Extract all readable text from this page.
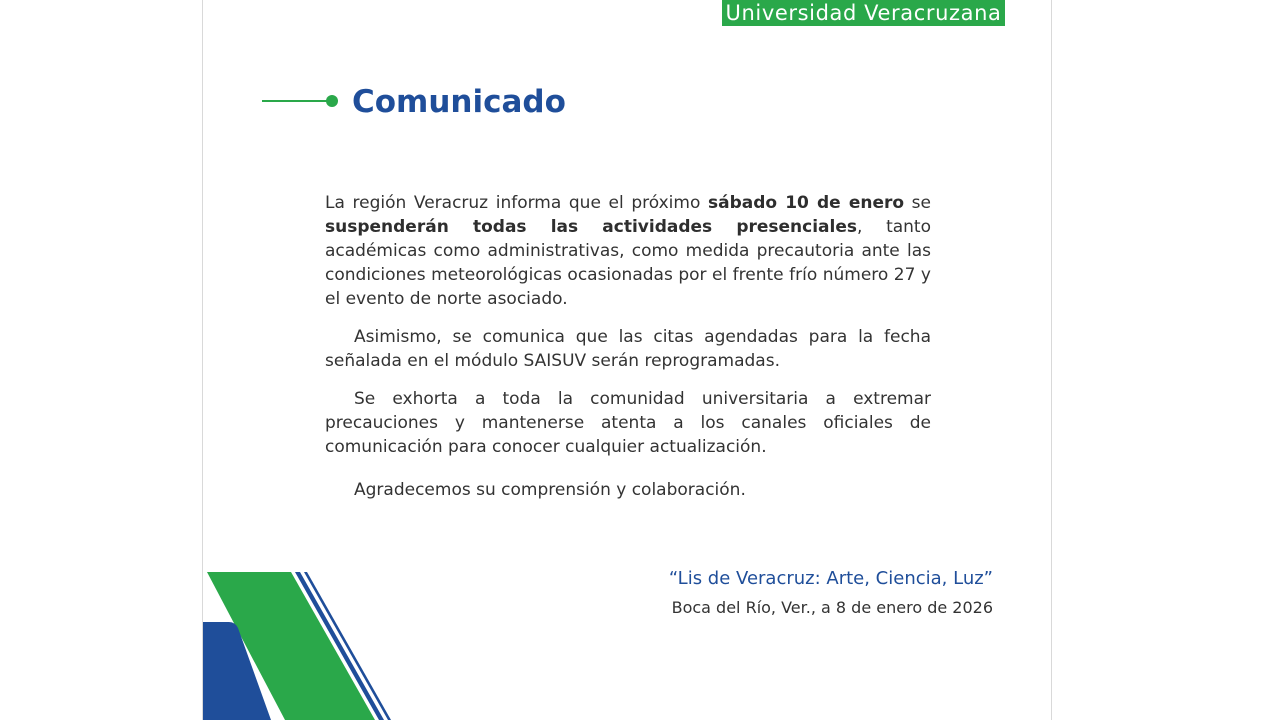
Universidad Veracruzana
Comunicado

La región Veracruz informa que el próximo sábado 10 de enero se suspenderán todas las actividades presenciales, tanto académicas como administrativas, como medida precautoria ante las condiciones meteorológicas ocasionadas por el frente frío número 27 y el evento de norte asociado.

Asimismo, se comunica que las citas agendadas para la fecha señalada en el módulo SAISUV serán reprogramadas.

Se exhorta a toda la comunidad universitaria a extremar precauciones y mantenerse atenta a los canales oficiales de comunicación para conocer cualquier actualización.

Agradecemos su comprensión y colaboración.

“Lis de Veracruz: Arte, Ciencia, Luz”
Boca del Río, Ver., a 8 de enero de 2026
